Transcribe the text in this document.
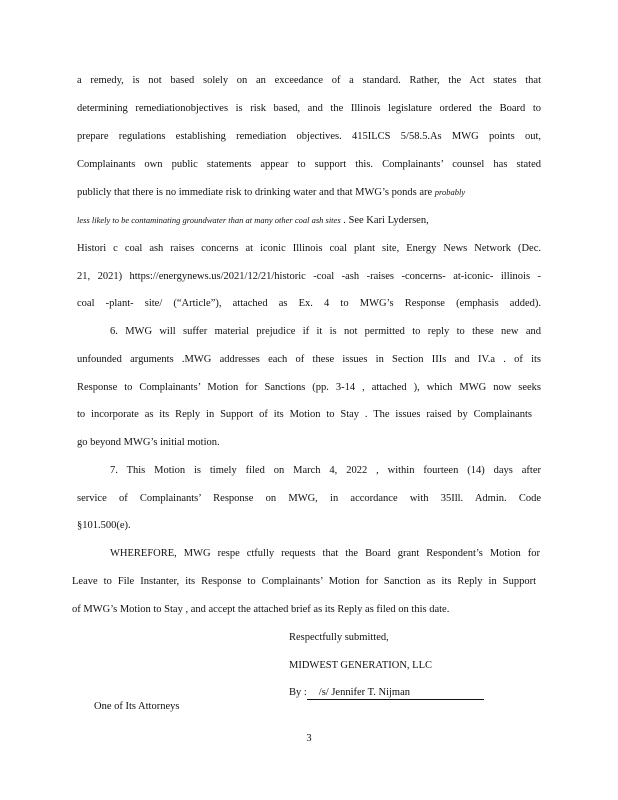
a remedy, is not based solely on an exceedance of a standard. Rather, the Act states that
determining remediationobjectives is risk based, and the Illinois legislature ordered the Board to
prepare regulations establishing remediation objectives. 415ILCS 5/58.5.As MWG points out,
Complainants own public statements appear to support this. Complainants’ counsel has stated
publicly that there is no immediate risk to drinking water and that MWG’s ponds are probably
less likely to be contaminating groundwater than at many other coal ash sites . See Kari Lydersen,
Histori c coal ash raises concerns at iconic Illinois coal plant site, Energy News Network (Dec.
21, 2021) https://energynews.us/2021/12/21/historic -coal -ash -raises -concerns- at-iconic- illinois -
coal -plant- site/ (“Article”), attached as Ex. 4 to MWG’s Response (emphasis added).
6. MWG will suffer material prejudice if it is not permitted to reply to these new and
unfounded arguments .MWG addresses each of these issues in Section IIIs and IV.a . of its
Response to Complainants’ Motion for Sanctions (pp. 3-14 , attached ), which MWG now seeks
to incorporate as its Reply in Support of its Motion to Stay . The issues raised by Complainants
go beyond MWG’s initial motion.
7. This Motion is timely filed on March 4, 2022 , within fourteen (14) days after
service of Complainants’ Response on MWG, in accordance with 35Ill. Admin. Code
§101.500(e).
WHEREFORE, MWG respe ctfully requests that the Board grant Respondent’s Motion for
Leave to File Instanter, its Response to Complainants’ Motion for Sanction as its Reply in Support
of MWG’s Motion to Stay , and accept the attached brief as its Reply as filed on this date.
Respectfully submitted,
MIDWEST GENERATION, LLC
By : /s/ Jennifer T. Nijman
One of Its Attorneys
3
